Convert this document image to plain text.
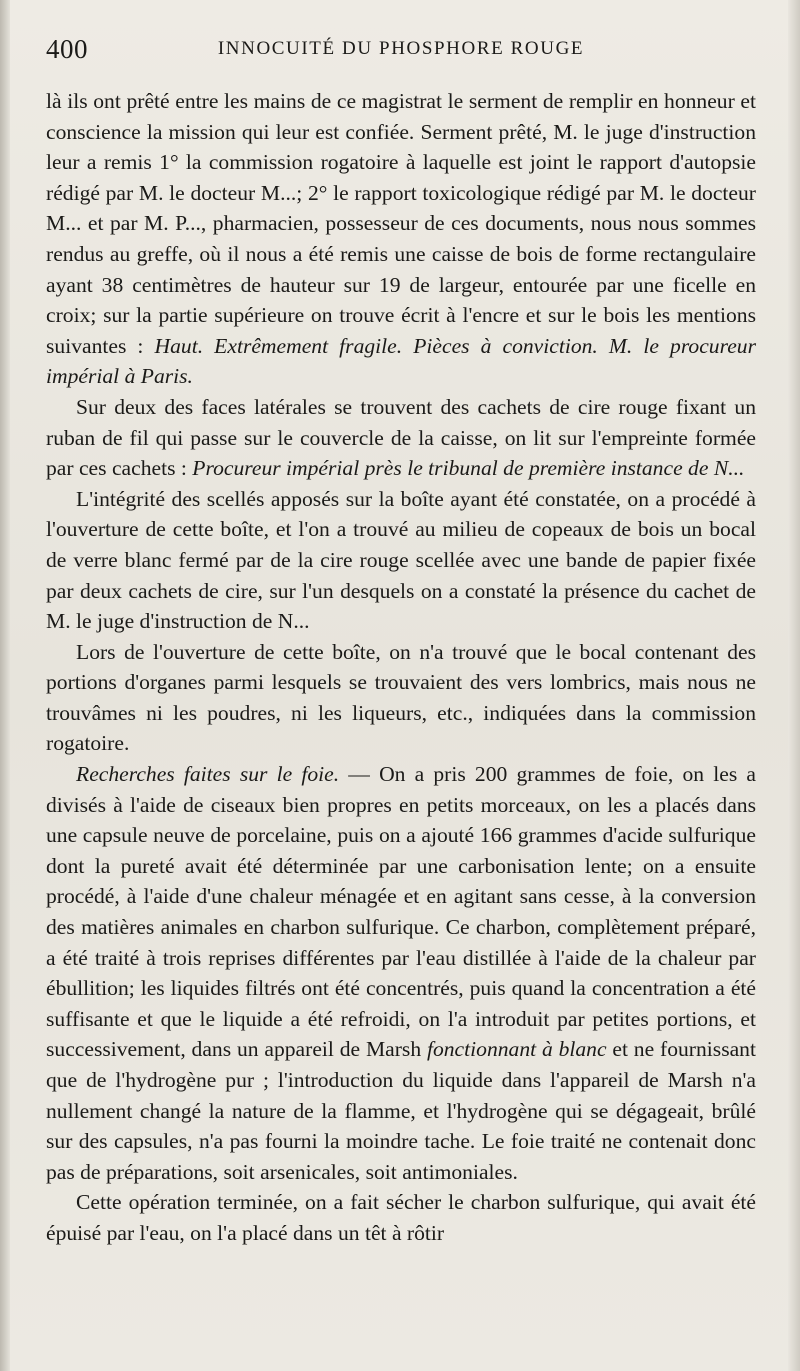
400	INNOCUITÉ DU PHOSPHORE ROUGE

là ils ont prêté entre les mains de ce magistrat le serment de remplir en honneur et conscience la mission qui leur est confiée. Serment prêté, M. le juge d'instruction leur a remis 1° la commission rogatoire à laquelle est joint le rapport d'autopsie rédigé par M. le docteur M...; 2° le rapport toxicologique rédigé par M. le docteur M... et par M. P..., pharmacien, possesseur de ces documents, nous nous sommes rendus au greffe, où il nous a été remis une caisse de bois de forme rectangulaire ayant 38 centimètres de hauteur sur 19 de largeur, entourée par une ficelle en croix; sur la partie supérieure on trouve écrit à l'encre et sur le bois les mentions suivantes : Haut. Extrêmement fragile. Pièces à conviction. M. le procureur impérial à Paris.

Sur deux des faces latérales se trouvent des cachets de cire rouge fixant un ruban de fil qui passe sur le couvercle de la caisse, on lit sur l'empreinte formée par ces cachets : Procureur impérial près le tribunal de première instance de N...

L'intégrité des scellés apposés sur la boîte ayant été constatée, on a procédé à l'ouverture de cette boîte, et l'on a trouvé au milieu de copeaux de bois un bocal de verre blanc fermé par de la cire rouge scellée avec une bande de papier fixée par deux cachets de cire, sur l'un desquels on a constaté la présence du cachet de M. le juge d'instruction de N...

Lors de l'ouverture de cette boîte, on n'a trouvé que le bocal contenant des portions d'organes parmi lesquels se trouvaient des vers lombrics, mais nous ne trouvâmes ni les poudres, ni les liqueurs, etc., indiquées dans la commission rogatoire.

Recherches faites sur le foie. — On a pris 200 grammes de foie, on les a divisés à l'aide de ciseaux bien propres en petits morceaux, on les a placés dans une capsule neuve de porcelaine, puis on a ajouté 166 grammes d'acide sulfurique dont la pureté avait été déterminée par une carbonisation lente; on a ensuite procédé, à l'aide d'une chaleur ménagée et en agitant sans cesse, à la conversion des matières animales en charbon sulfurique. Ce charbon, complètement préparé, a été traité à trois reprises différentes par l'eau distillée à l'aide de la chaleur par ébullition; les liquides filtrés ont été concentrés, puis quand la concentration a été suffisante et que le liquide a été refroidi, on l'a introduit par petites portions, et successivement, dans un appareil de Marsh fonctionnant à blanc et ne fournissant que de l'hydrogène pur ; l'introduction du liquide dans l'appareil de Marsh n'a nullement changé la nature de la flamme, et l'hydrogène qui se dégageait, brûlé sur des capsules, n'a pas fourni la moindre tache. Le foie traité ne contenait donc pas de préparations, soit arsenicales, soit antimoniales.

Cette opération terminée, on a fait sécher le charbon sulfurique, qui avait été épuisé par l'eau, on l'a placé dans un têt à rôtir
